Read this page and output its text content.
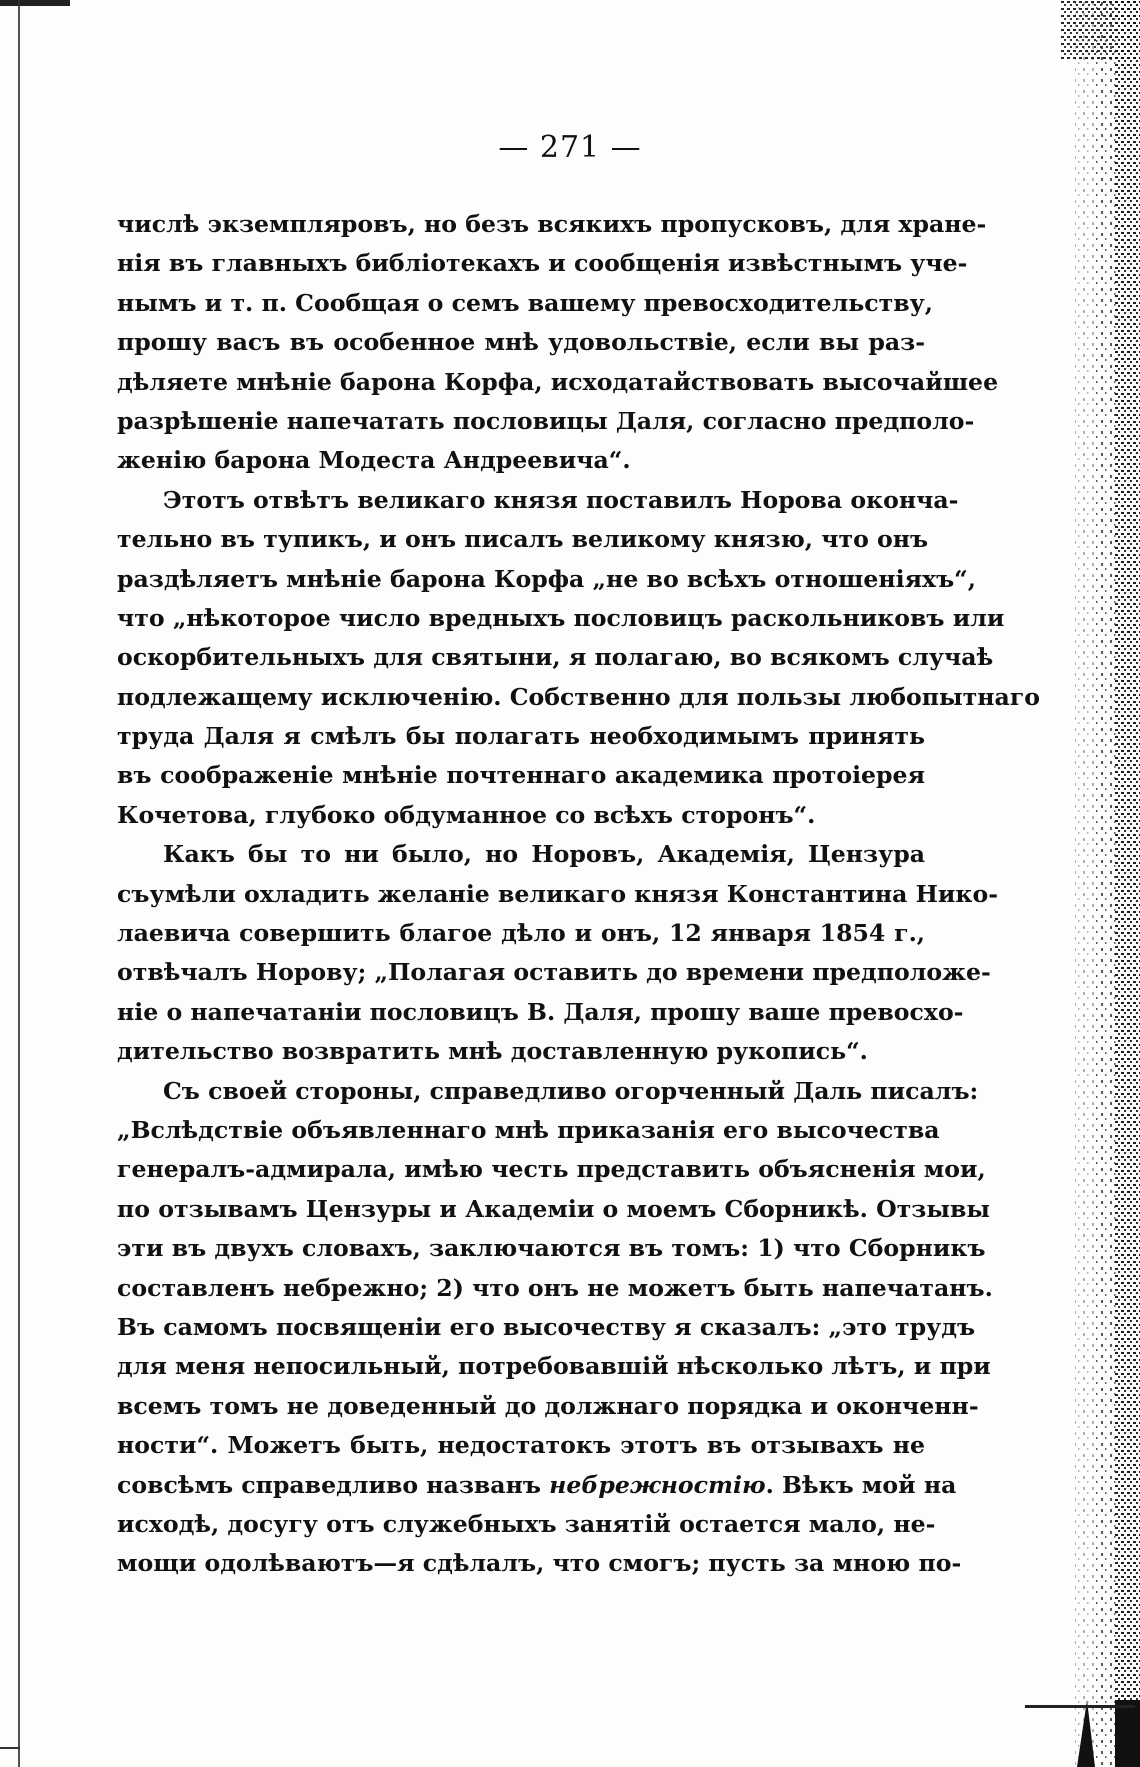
— 271 —
числѣ экземпляровъ, но безъ всякихъ пропусковъ, для хране-
нія въ главныхъ библіотекахъ и сообщенія извѣстнымъ уче-
нымъ и т. п. Сообщая о семъ вашему превосходительству,
прошу васъ въ особенное мнѣ удовольствіе, если вы раз-
дѣляете мнѣніе барона Корфа, исходатайствовать высочайшее
разрѣшеніе напечатать пословицы Даля, согласно предполо-
женію барона Модеста Андреевича“.
Этотъ отвѣтъ великаго князя поставилъ Норова оконча-
тельно въ тупикъ, и онъ писалъ великому князю, что онъ
раздѣляетъ мнѣніе барона Корфа „не во всѣхъ отношеніяхъ“,
что „нѣкоторое число вредныхъ пословицъ раскольниковъ или
оскорбительныхъ для святыни, я полагаю, во всякомъ случаѣ
подлежащему исключенію. Собственно для пользы любопытнаго
труда Даля я смѣлъ бы полагать необходимымъ принять
въ соображеніе мнѣніе почтеннаго академика протоіерея
Кочетова, глубоко обдуманное со всѣхъ сторонъ“.
Какъ бы то ни было, но Норовъ, Академія, Цензура
съумѣли охладить желаніе великаго князя Константина Нико-
лаевича совершить благое дѣло и онъ, 12 января 1854 г.,
отвѣчалъ Норову; „Полагая оставить до времени предположе-
ніе о напечатаніи пословицъ В. Даля, прошу ваше превосхо-
дительство возвратить мнѣ доставленную рукопись“.
Съ своей стороны, справедливо огорченный Даль писалъ:
„Вслѣдствіе объявленнаго мнѣ приказанія его высочества
генералъ-адмирала, имѣю честь представить объясненія мои,
по отзывамъ Цензуры и Академіи о моемъ Сборникѣ. Отзывы
эти въ двухъ словахъ, заключаются въ томъ: 1) что Сборникъ
составленъ небрежно; 2) что онъ не можетъ быть напечатанъ.
Въ самомъ посвященіи его высочеству я сказалъ: „это трудъ
для меня непосильный, потребовавшій нѣсколько лѣтъ, и при
всемъ томъ не доведенный до должнаго порядка и оконченн-
ности“. Можетъ быть, недостатокъ этотъ въ отзывахъ не
совсѣмъ справедливо названъ небрежностію. Вѣкъ мой на
исходѣ, досугу отъ служебныхъ занятій остается мало, не-
мощи одолѣваютъ—я сдѣлалъ, что смогъ; пусть за мною по-
